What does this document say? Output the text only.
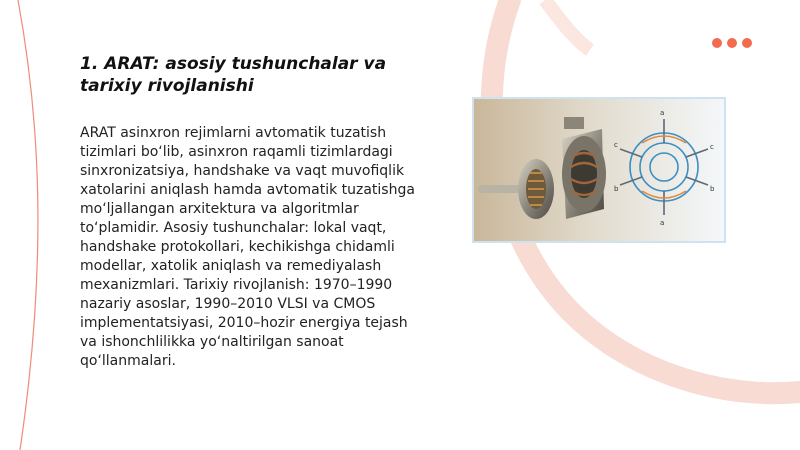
1. ARAT: asosiy tushunchalar va tarixiy rivojlanishi

ARAT asinxron rejimlarni avtomatik tuzatish tizimlari bo‘lib, asinxron raqamli tizimlardagi sinxronizatsiya, handshake va vaqt muvofiqlik xatolarini aniqlash hamda avtomatik tuzatishga mo‘ljallangan arxitektura va algoritmlar to‘plamidir. Asosiy tushunchalar: lokal vaqt, handshake protokollari, kechikishga chidamli modellar, xatolik aniqlash va remediyalash mexanizmlari. Tarixiy rivojlanish: 1970–1990 nazariy asoslar, 1990–2010 VLSI va CMOS implementatsiyasi, 2010–hozir energiya tejash va ishonchlilikka yo‘naltirilgan sanoat qo‘llanmalari.

a
c	c
b	b
a
